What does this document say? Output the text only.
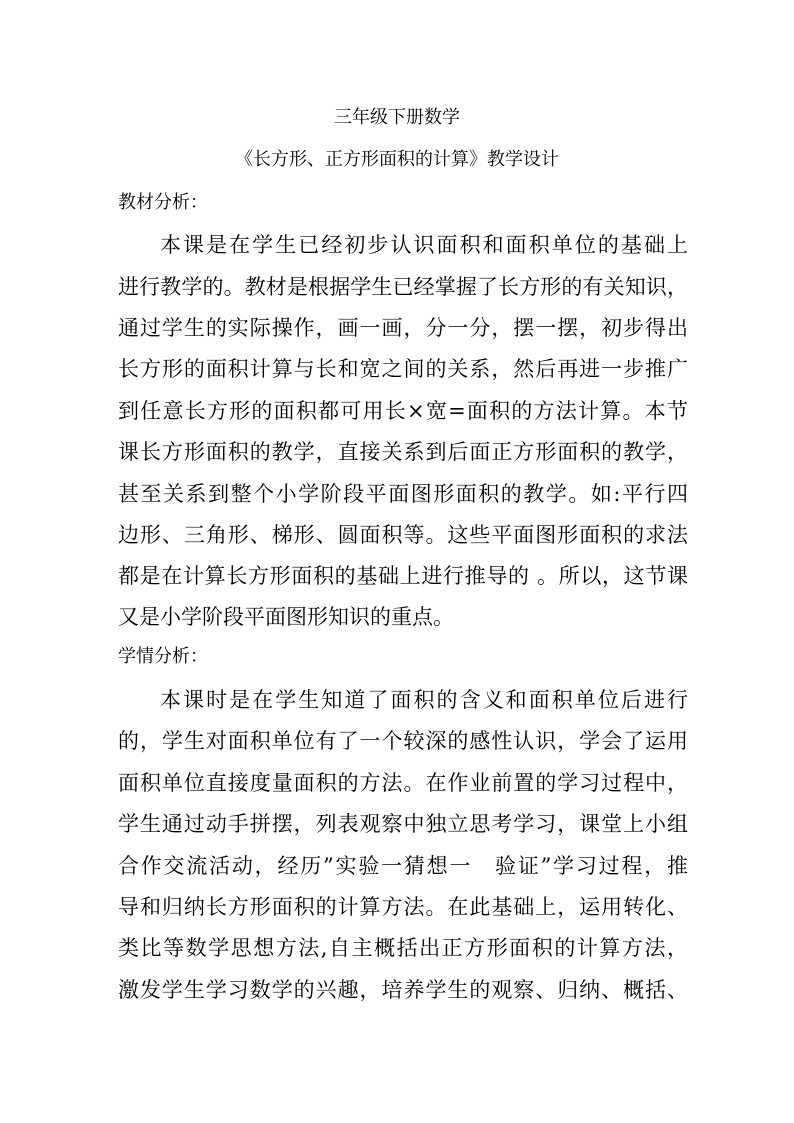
三年级下册数学
《长方形、正方形面积的计算》教学设计
教材分析：
本课是在学生已经初步认识面积和面积单位的基础上
进行教学的。教材是根据学生已经掌握了长方形的有关知识，
通过学生的实际操作，画一画，分一分，摆一摆，初步得出
长方形的面积计算与长和宽之间的关系，然后再进一步推广
到任意长方形的面积都可用长×宽=面积的方法计算。本节
课长方形面积的教学，直接关系到后面正方形面积的教学，
甚至关系到整个小学阶段平面图形面积的教学。如:平行四
边形、三角形、梯形、圆面积等。这些平面图形面积的求法
都是在计算长方形面积的基础上进行推导的 。所以，这节课
又是小学阶段平面图形知识的重点。
学情分析：
本课时是在学生知道了面积的含义和面积单位后进行
的，学生对面积单位有了一个较深的感性认识，学会了运用
面积单位直接度量面积的方法。在作业前置的学习过程中，
学生通过动手拼摆，列表观察中独立思考学习，课堂上小组
合作交流活动，经历”实验一猜想一　验证”学习过程，推
导和归纳长方形面积的计算方法。在此基础上，运用转化、
类比等数学思想方法,自主概括出正方形面积的计算方法，
激发学生学习数学的兴趣，培养学生的观察、归纳、概括、
